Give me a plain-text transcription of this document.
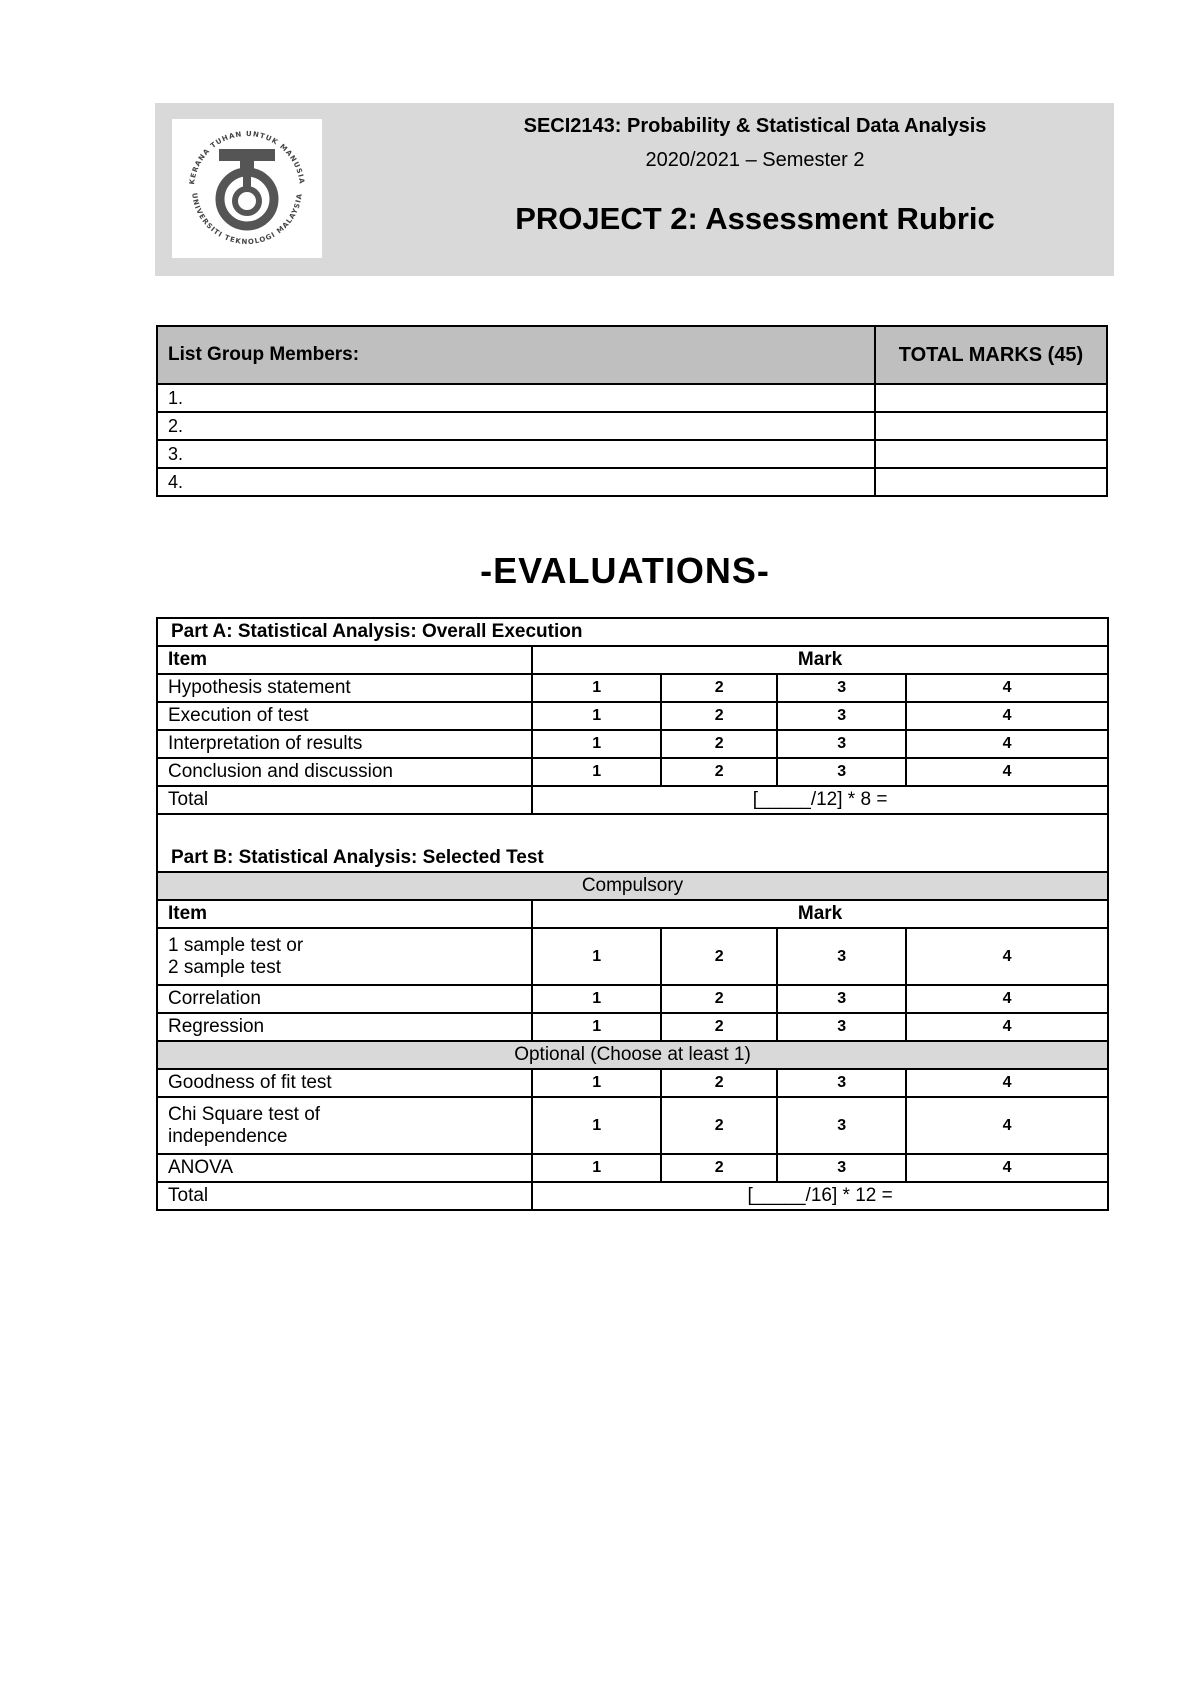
KERANA TUHAN UNTUK MANUSIA
UNIVERSITI TEKNOLOGI MALAYSIA
SECI2143: Probability & Statistical Data Analysis
2020/2021 – Semester 2
PROJECT 2: Assessment Rubric
List Group Members:	TOTAL MARKS (45)
1.	
2.	
3.	
4.	
-EVALUATIONS-
Part A: Statistical Analysis: Overall Execution				
Item	Mark			
Hypothesis statement	1	2	3	4
Execution of test	1	2	3	4
Interpretation of results	1	2	3	4
Conclusion and discussion	1	2	3	4
Total	[_____/12] * 8 =			
Part B: Statistical Analysis: Selected Test				
Compulsory				
Item	Mark			

1 sample test or
2 sample test	1	2	3	4
Correlation	1	2	3	4
Regression	1	2	3	4
Optional (Choose at least 1)				
Goodness of fit test	1	2	3	4

Chi Square test of
independence	1	2	3	4
ANOVA	1	2	3	4
Total	[_____/16] * 12 =			
